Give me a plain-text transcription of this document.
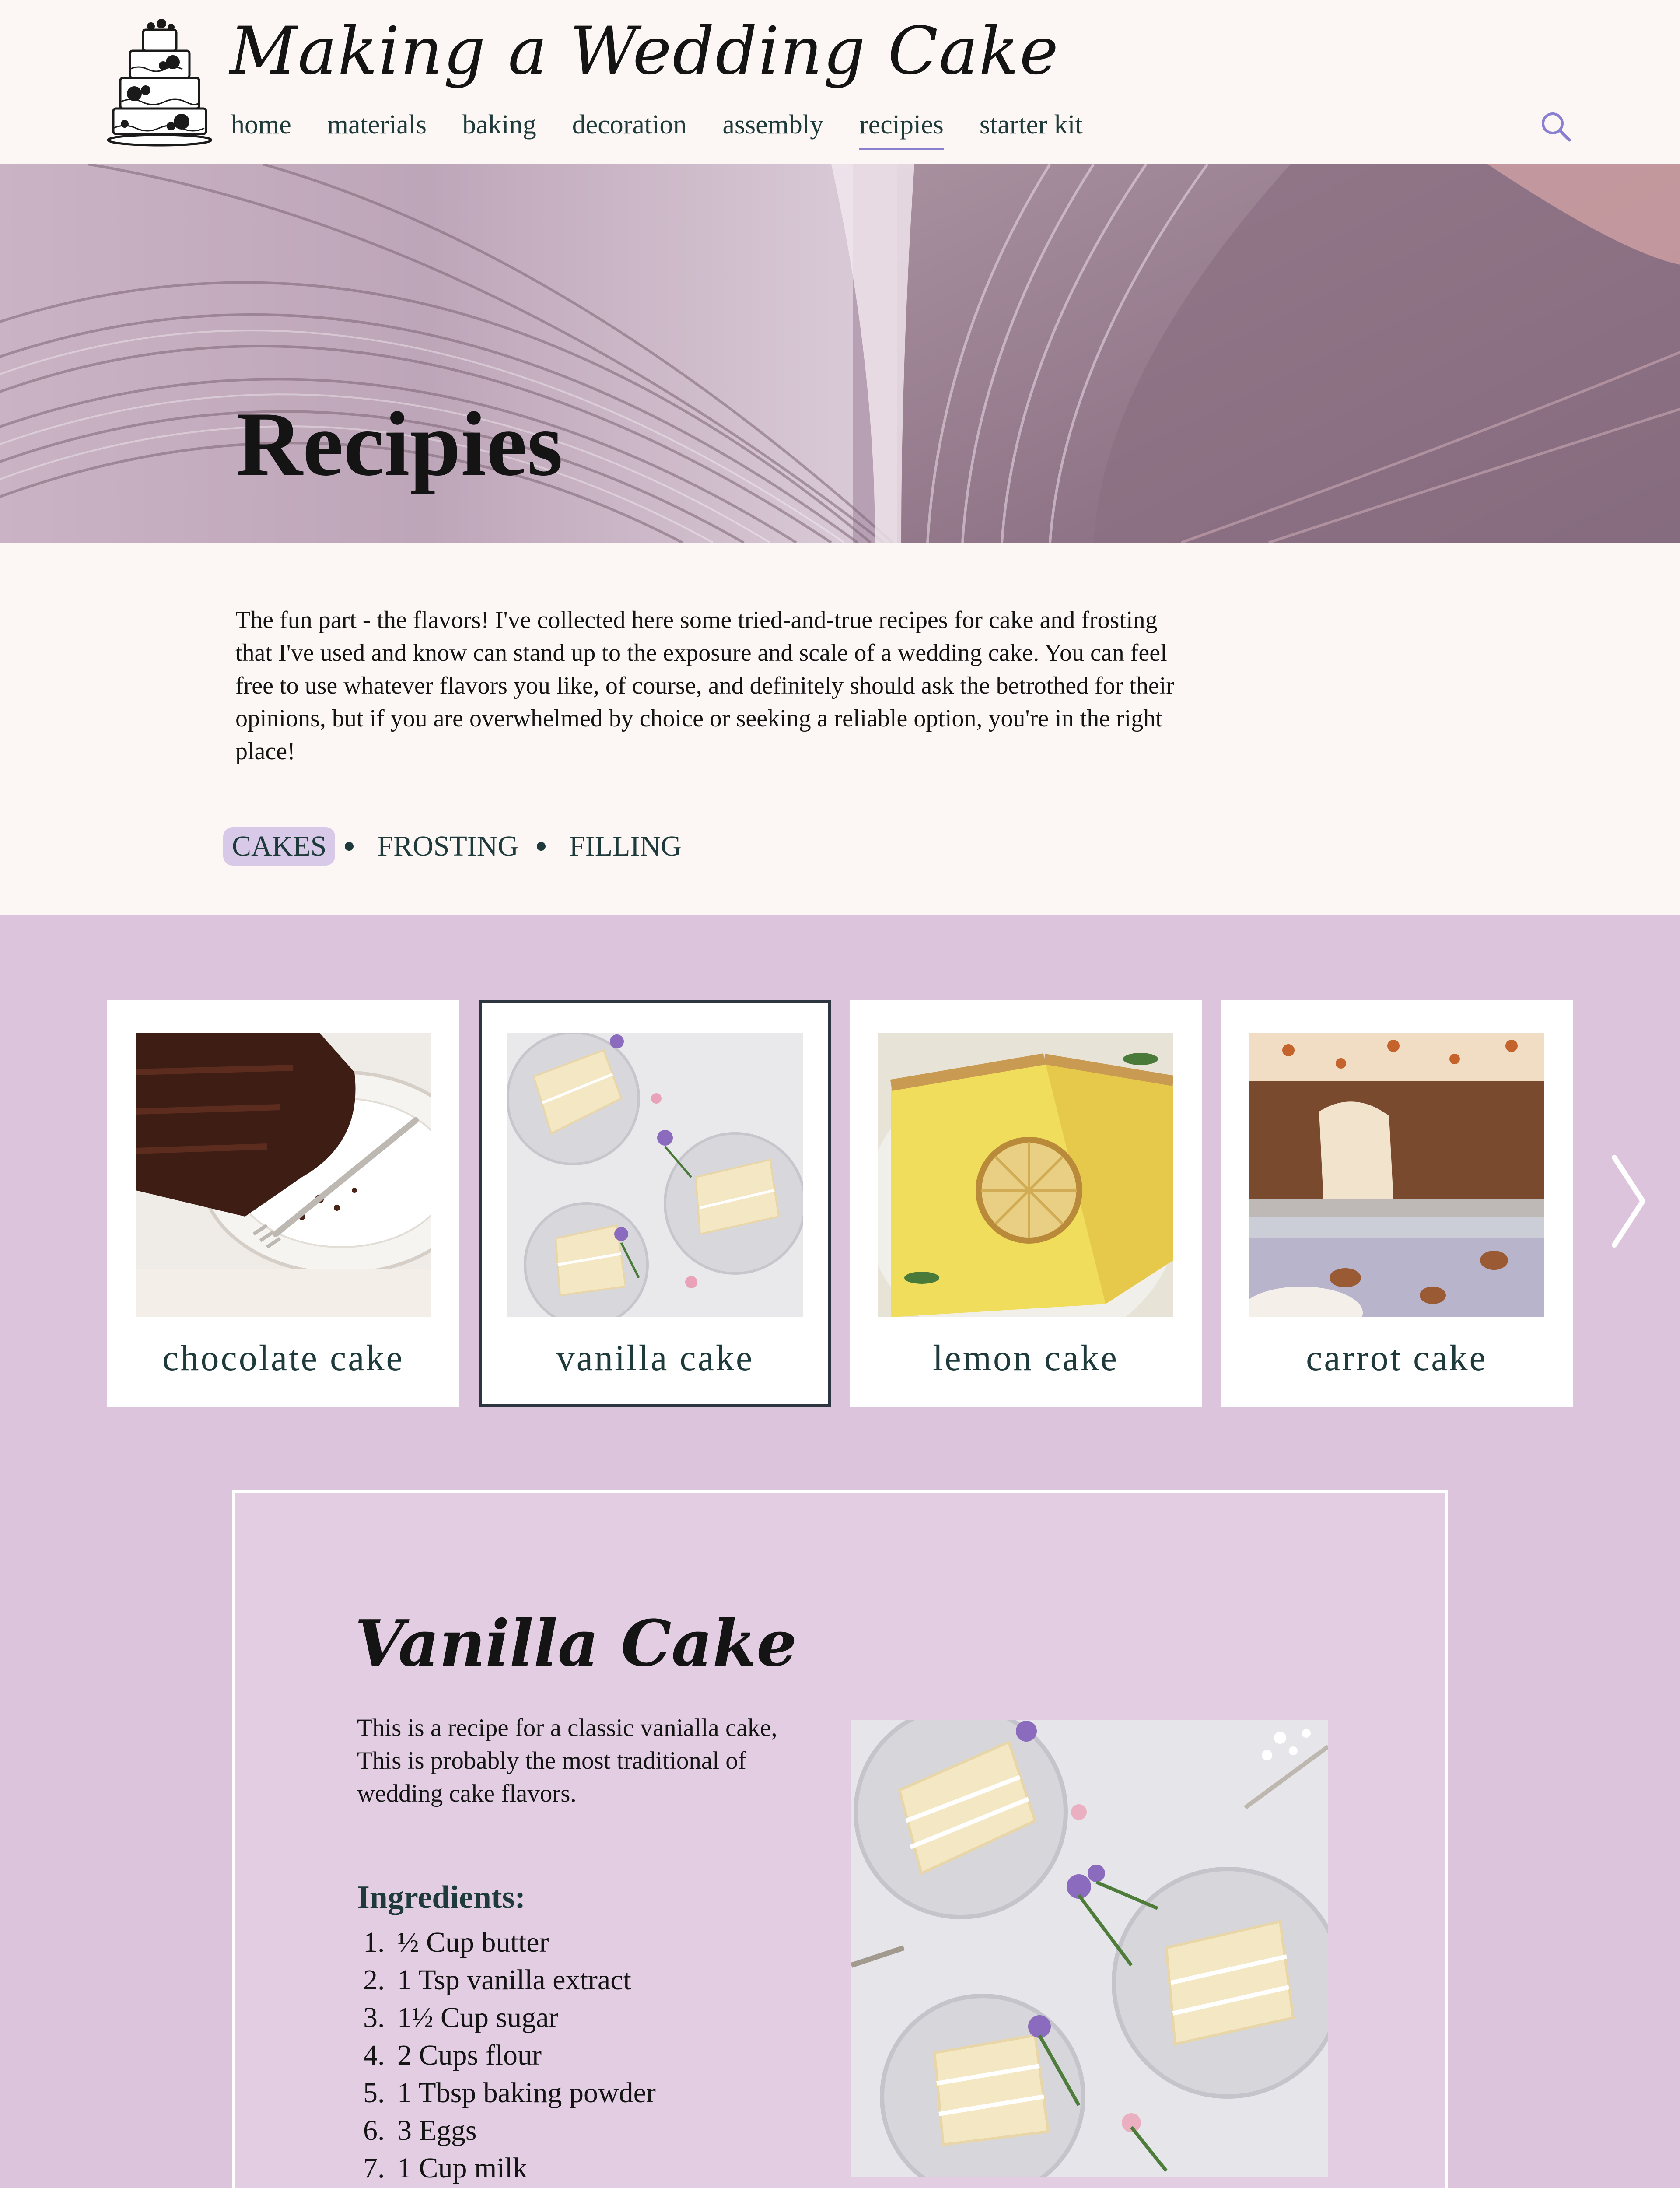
Making a Wedding Cake
home materials baking decoration assembly recipies starter kit
Recipies

The fun part - the flavors! I've collected here some tried-and-true recipes for cake and frosting that I've used and know can stand up to the exposure and scale of a wedding cake. You can feel free to use whatever flavors you like, of course, and definitely should ask the betrothed for their opinions, but if you are overwhelmed by choice or seeking a reliable option, you're in the right place!

CAKES	FROSTING	FILLING
chocolate cake	vanilla cake	lemon cake	carrot cake
Vanilla Cake

This is a recipe for a classic vanialla cake, This is probably the most traditional of wedding cake flavors.

Ingredients:
1. ½ Cup butter
2. 1 Tsp vanilla extract
3. 1½ Cup sugar
4. 2 Cups flour
5. 1 Tbsp baking powder
6. 3 Eggs
7. 1 Cup milk
